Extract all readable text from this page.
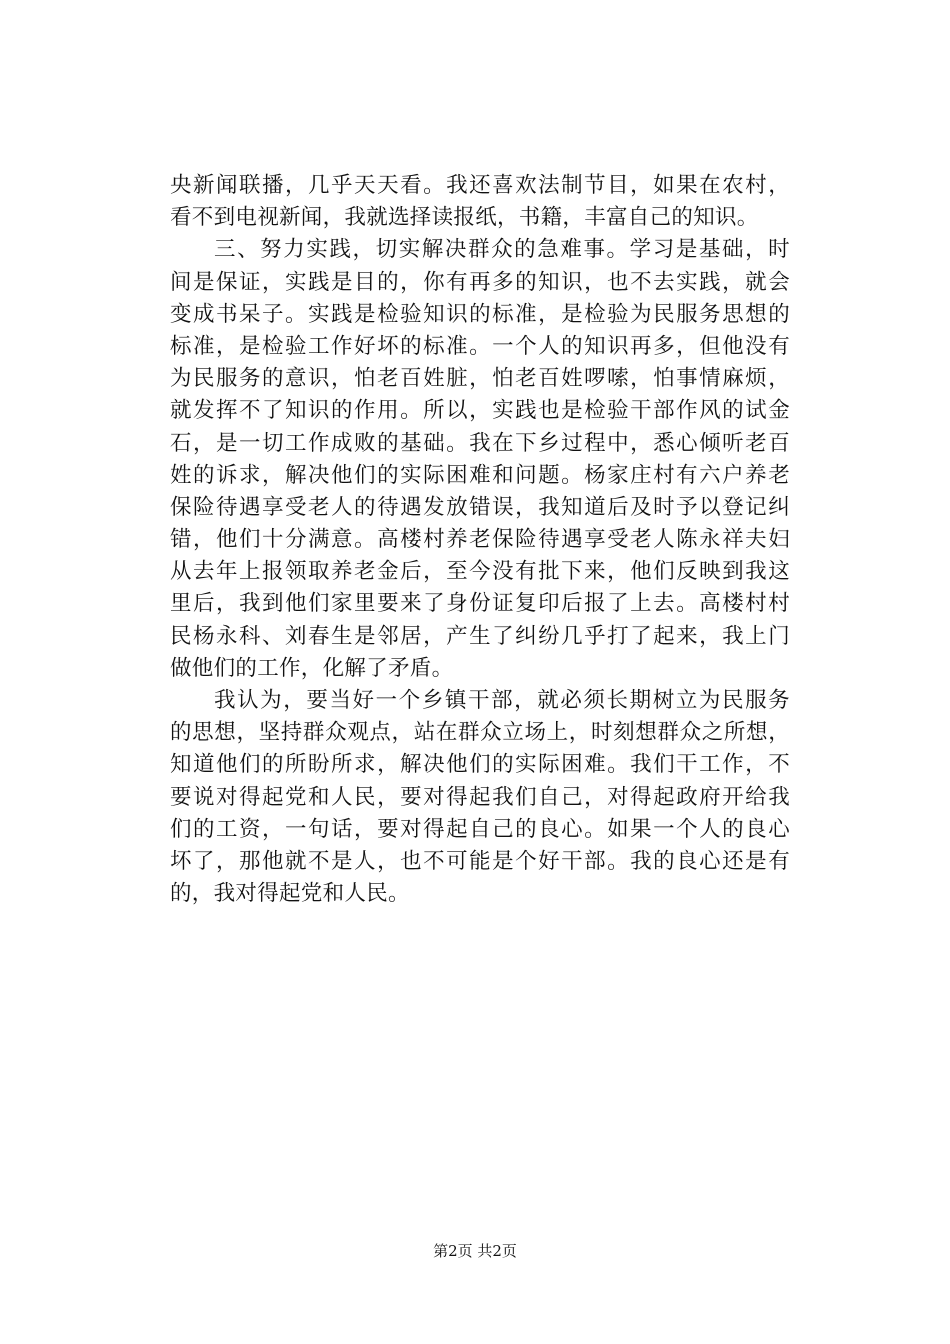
央新闻联播，几乎天天看。我还喜欢法制节目，如果在农村，
看不到电视新闻，我就选择读报纸，书籍，丰富自己的知识。
三、努力实践，切实解决群众的急难事。学习是基础，时
间是保证，实践是目的，你有再多的知识，也不去实践，就会
变成书呆子。实践是检验知识的标准，是检验为民服务思想的
标准，是检验工作好坏的标准。一个人的知识再多，但他没有
为民服务的意识，怕老百姓脏，怕老百姓啰嗦，怕事情麻烦，
就发挥不了知识的作用。所以，实践也是检验干部作风的试金
石，是一切工作成败的基础。我在下乡过程中，悉心倾听老百
姓的诉求，解决他们的实际困难和问题。杨家庄村有六户养老
保险待遇享受老人的待遇发放错误，我知道后及时予以登记纠
错，他们十分满意。高楼村养老保险待遇享受老人陈永祥夫妇
从去年上报领取养老金后，至今没有批下来，他们反映到我这
里后，我到他们家里要来了身份证复印后报了上去。高楼村村
民杨永科、刘春生是邻居，产生了纠纷几乎打了起来，我上门
做他们的工作，化解了矛盾。
我认为，要当好一个乡镇干部，就必须长期树立为民服务
的思想，坚持群众观点，站在群众立场上，时刻想群众之所想，
知道他们的所盼所求，解决他们的实际困难。我们干工作，不
要说对得起党和人民，要对得起我们自己，对得起政府开给我
们的工资，一句话，要对得起自己的良心。如果一个人的良心
坏了，那他就不是人，也不可能是个好干部。我的良心还是有
的，我对得起党和人民。
第2页 共2页
